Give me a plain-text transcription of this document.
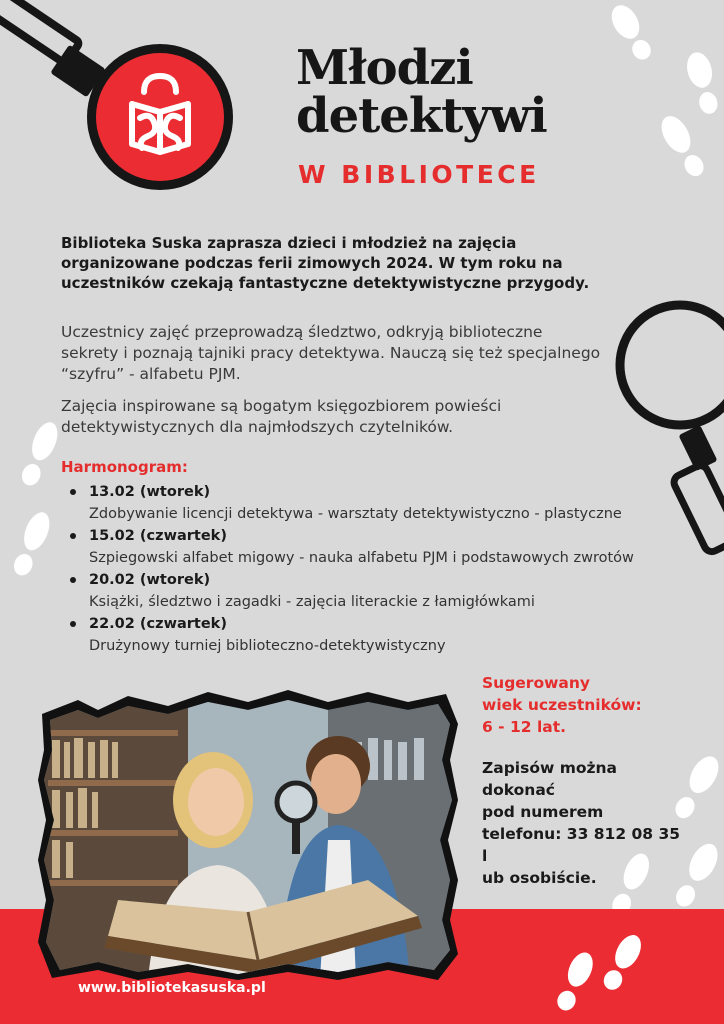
Młodzi
detektywi

W BIBLIOTECE

Biblioteka Suska zaprasza dzieci i młodzież na zajęcia organizowane podczas ferii zimowych 2024. W tym roku na uczestników czekają fantastyczne detektywistyczne przygody.

Uczestnicy zajęć przeprowadzą śledztwo, odkryją biblioteczne sekrety i poznają tajniki pracy detektywa. Nauczą się też specjalnego “szyfru” - alfabetu PJM.

Zajęcia inspirowane są bogatym księgozbiorem powieści detektywistycznych dla najmłodszych czytelników.

Harmonogram:

13.02 (wtorek)
Zdobywanie licencji detektywa - warsztaty detektywistyczno - plastyczne
15.02 (czwartek)
Szpiegowski alfabet migowy - nauka alfabetu PJM i podstawowych zwrotów
20.02 (wtorek)
Książki, śledztwo i zagadki - zajęcia literackie z łamigłówkami
22.02 (czwartek)
Drużynowy turniej biblioteczno-detektywistyczny

Sugerowany
wiek uczestników:
6 - 12 lat.

Zapisów można
dokonać
pod numerem
telefonu: 33 812 08 35 l
ub osobiście.

www.bibliotekasuska.pl
